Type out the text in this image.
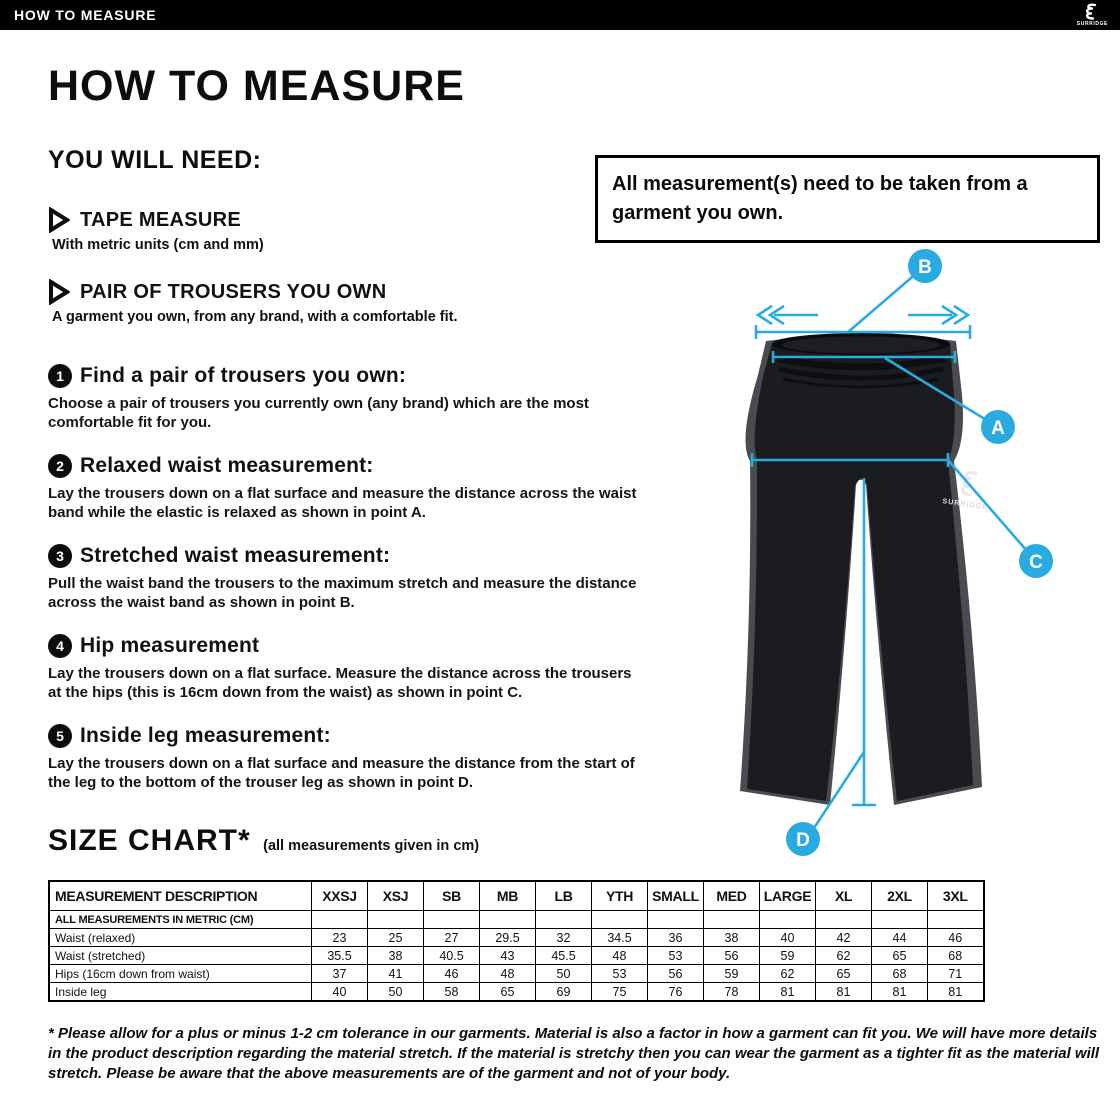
HOW TO MEASURE
SURRIDGE
HOW TO MEASURE
YOU WILL NEED:
TAPE MEASURE
With metric units (cm and mm)
PAIR OF TROUSERS YOU OWN
A garment you own, from any brand, with a comfortable fit.
1 Find a pair of trousers you own:
Choose a pair of trousers you currently own (any brand) which are the most comfortable fit for you.
2 Relaxed waist measurement:
Lay the trousers down on a flat surface and measure the distance across the waist band while the elastic is relaxed as shown in point A.
3 Stretched waist measurement:
Pull the waist band the trousers to the maximum stretch and measure the distance across the waist band as shown in point B.
4 Hip measurement
Lay the trousers down on a flat surface. Measure the distance across the trousers at the hips (this is 16cm down from the waist) as shown in point C.
5 Inside leg measurement:
Lay the trousers down on a flat surface and measure the distance from the start of the leg to the bottom of the trouser leg as shown in point D.
All measurement(s) need to be taken from a garment you own.
SURRIDGE
B
A
C
D
SIZE CHART* (all measurements given in cm)
MEASUREMENT DESCRIPTION	XXSJ	XSJ	SB	MB	LB	YTH	SMALL	MED	LARGE	XL	2XL	3XL
ALL MEASUREMENTS IN METRIC (CM)												
Waist (relaxed)	23	25	27	29.5	32	34.5	36	38	40	42	44	46
Waist (stretched)	35.5	38	40.5	43	45.5	48	53	56	59	62	65	68
Hips (16cm down from waist)	37	41	46	48	50	53	56	59	62	65	68	71
Inside leg	40	50	58	65	69	75	76	78	81	81	81	81
* Please allow for a plus or minus 1-2 cm tolerance in our garments. Material is also a factor in how a garment can fit you. We will have more details in the product description regarding the material stretch. If the material is stretchy then you can wear the garment as a tighter fit as the material will stretch. Please be aware that the above measurements are of the garment and not of your body.
